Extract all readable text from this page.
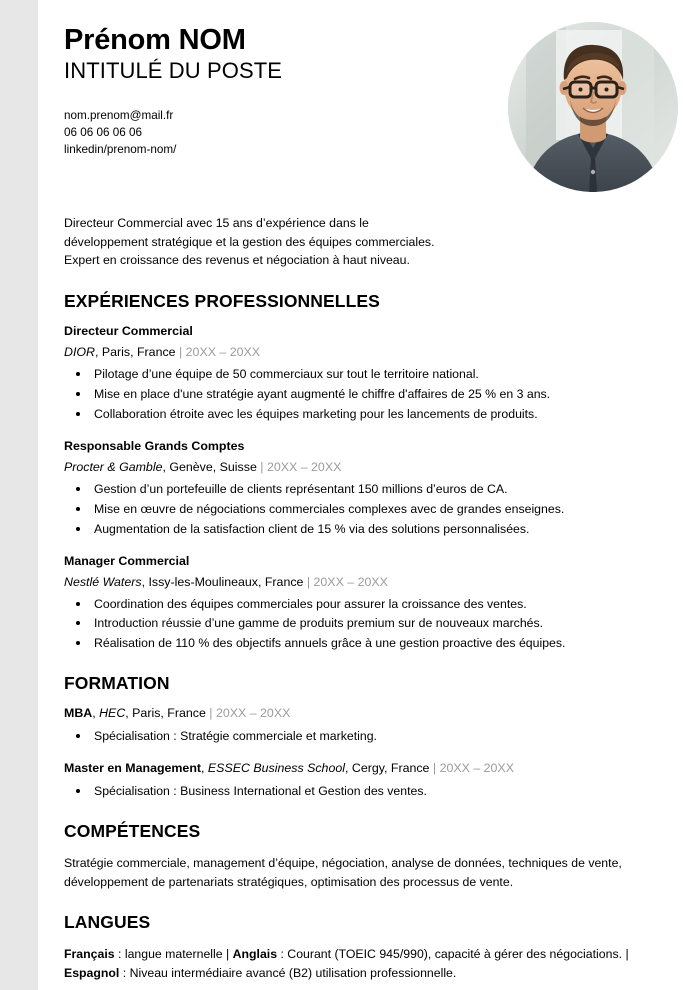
Prénom NOM
INTITULÉ DU POSTE
nom.prenom@mail.fr
06 06 06 06 06
linkedin/prenom-nom/
Directeur Commercial avec 15 ans d’expérience dans le
développement stratégique et la gestion des équipes commerciales.
Expert en croissance des revenus et négociation à haut niveau.
EXPÉRIENCES PROFESSIONNELLES
Directeur Commercial
DIOR, Paris, France | 20XX – 20XX
Pilotage d’une équipe de 50 commerciaux sur tout le territoire national.
Mise en place d'une stratégie ayant augmenté le chiffre d'affaires de 25 % en 3 ans.
Collaboration étroite avec les équipes marketing pour les lancements de produits.
Responsable Grands Comptes
Procter & Gamble, Genève, Suisse | 20XX – 20XX
Gestion d’un portefeuille de clients représentant 150 millions d’euros de CA.
Mise en œuvre de négociations commerciales complexes avec de grandes enseignes.
Augmentation de la satisfaction client de 15 % via des solutions personnalisées.
Manager Commercial
Nestlé Waters, Issy-les-Moulineaux, France | 20XX – 20XX
Coordination des équipes commerciales pour assurer la croissance des ventes.
Introduction réussie d’une gamme de produits premium sur de nouveaux marchés.
Réalisation de 110 % des objectifs annuels grâce à une gestion proactive des équipes.
FORMATION
MBA, HEC, Paris, France | 20XX – 20XX
Spécialisation : Stratégie commerciale et marketing.
Master en Management, ESSEC Business School, Cergy, France | 20XX – 20XX
Spécialisation : Business International et Gestion des ventes.
COMPÉTENCES
Stratégie commerciale, management d’équipe, négociation, analyse de données, techniques de vente, développement de partenariats stratégiques, optimisation des processus de vente.
LANGUES
Français : langue maternelle | Anglais : Courant (TOEIC 945/990), capacité à gérer des négociations. | Espagnol : Niveau intermédiaire avancé (B2) utilisation professionnelle.
